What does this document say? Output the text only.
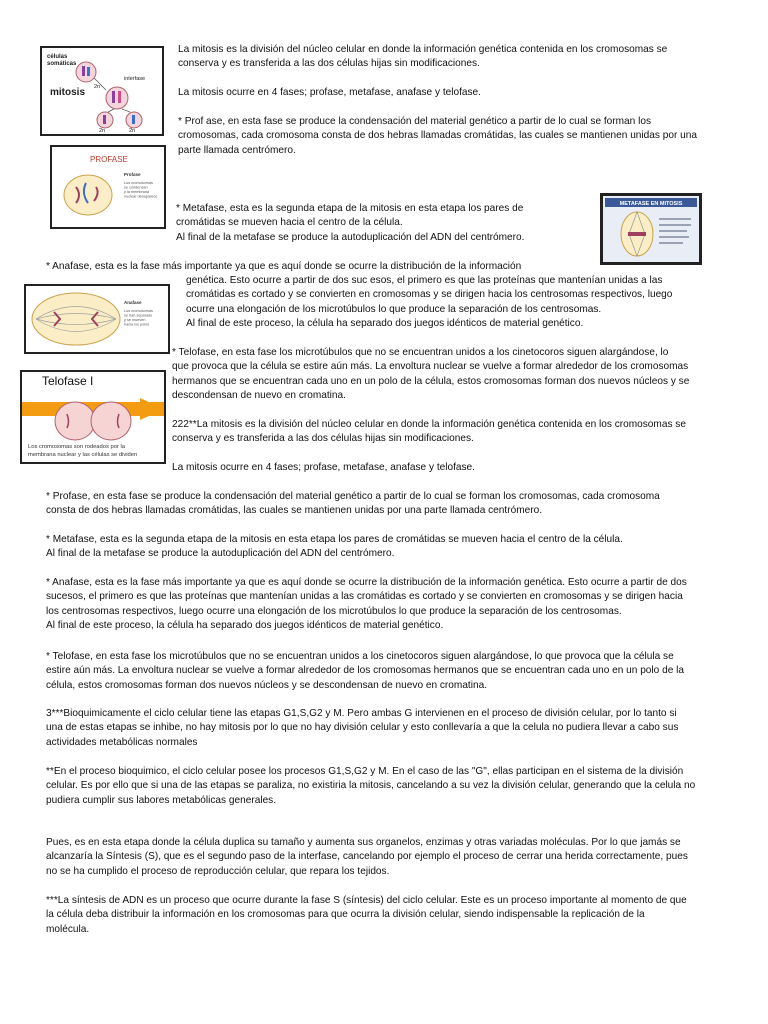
células somáticas
mitosis
interfase
2n
2n	2n
PROFASE
Profase
Los cromosomas se condensan y la membrana nuclear desaparece
METAFASE EN MITOSIS
Anafase
Los cromosomas se han separado y se mueven hacia los polos
Telofase I
Los cromosomas son rodeados por la
membrana nuclear y las células se dividen

La mitosis es la división del núcleo celular en donde la información genética contenida en los cromosomas se
conserva y es transferida a las dos células hijas sin modificaciones.

La mitosis ocurre en 4 fases; profase, metafase, anafase y telofase.

* Prof ase, en esta fase se produce la condensación del material genético a partir de lo cual se forman los
cromosomas, cada cromosoma consta de dos hebras llamadas cromátidas, las cuales se mantienen unidas por una
parte llamada centrómero.

* Metafase, esta es la segunda etapa de la mitosis en esta etapa los pares de
cromátidas se mueven hacia el centro de la célula.
Al final de la metafase se produce la autoduplicación del ADN del centrómero.

* Anafase, esta es la fase más importante ya que es aquí donde se ocurre la distribución de la información

genética. Esto ocurre a partir de dos suc esos, el primero es que las proteínas que mantenían unidas a las
cromátidas es cortado y se convierten en cromosomas y se dirigen hacia los centrosomas respectivos, luego
ocurre una elongación de los microtúbulos lo que produce la separación de los centrosomas.
Al final de este proceso, la célula ha separado dos juegos idénticos de material genético.

* Telofase, en esta fase los microtúbulos que no se encuentran unidos a los cinetocoros siguen alargándose, lo
que provoca que la célula se estire aún más. La envoltura nuclear se vuelve a formar alrededor de los cromosomas
hermanos que se encuentran cada uno en un polo de la célula, estos cromosomas forman dos nuevos núcleos y se
descondensan de nuevo en cromatina.

222**La mitosis es la división del núcleo celular en donde la información genética contenida en los cromosomas se
conserva y es transferida a las dos células hijas sin modificaciones.

La mitosis ocurre en 4 fases; profase, metafase, anafase y telofase.

* Profase, en esta fase se produce la condensación del material genético a partir de lo cual se forman los cromosomas, cada cromosoma
consta de dos hebras llamadas cromátidas, las cuales se mantienen unidas por una parte llamada centrómero.

* Metafase, esta es la segunda etapa de la mitosis en esta etapa los pares de cromátidas se mueven hacia el centro de la célula.
Al final de la metafase se produce la autoduplicación del ADN del centrómero.

* Anafase, esta es la fase más importante ya que es aquí donde se ocurre la distribución de la información genética. Esto ocurre a partir de dos
sucesos, el primero es que las proteínas que mantenían unidas a las cromátidas es cortado y se convierten en cromosomas y se dirigen hacia
los centrosomas respectivos, luego ocurre una elongación de los microtúbulos lo que produce la separación de los centrosomas.
Al final de este proceso, la célula ha separado dos juegos idénticos de material genético.

* Telofase, en esta fase los microtúbulos que no se encuentran unidos a los cinetocoros siguen alargándose, lo que provoca que la célula se
estire aún más. La envoltura nuclear se vuelve a formar alrededor de los cromosomas hermanos que se encuentran cada uno en un polo de la
célula, estos cromosomas forman dos nuevos núcleos y se descondensan de nuevo en cromatina.

3***Bioquimicamente el ciclo celular tiene las etapas G1,S,G2 y M. Pero ambas G intervienen en el proceso de división celular, por lo tanto si
una de estas etapas se inhibe, no hay mitosis por lo que no hay división celular y esto conllevaría a que la celula no pudiera llevar a cabo sus
actividades metabólicas normales

**En el proceso bioquimico, el ciclo celular posee los procesos G1,S,G2 y M. En el caso de las "G", ellas participan en el sistema de la división
celular. Es por ello que si una de las etapas se paraliza, no existiria la mitosis, cancelando a su vez la división celular, generando que la celula no
pudiera cumplir sus labores metabólicas generales.

Pues, es en esta etapa donde la célula duplica su tamaño y aumenta sus organelos, enzimas y otras variadas moléculas. Por lo que jamás se
alcanzaría la Síntesis (S), que es el segundo paso de la interfase, cancelando por ejemplo el proceso de cerrar una herida correctamente, pues
no se ha cumplido el proceso de reproducción celular, que repara los tejidos.

***La síntesis de ADN es un proceso que ocurre durante la fase S (síntesis) del ciclo celular. Este es un proceso importante al momento de que
la célula deba distribuir la información en los cromosomas para que ocurra la división celular, siendo indispensable la replicación de la
molécula.
